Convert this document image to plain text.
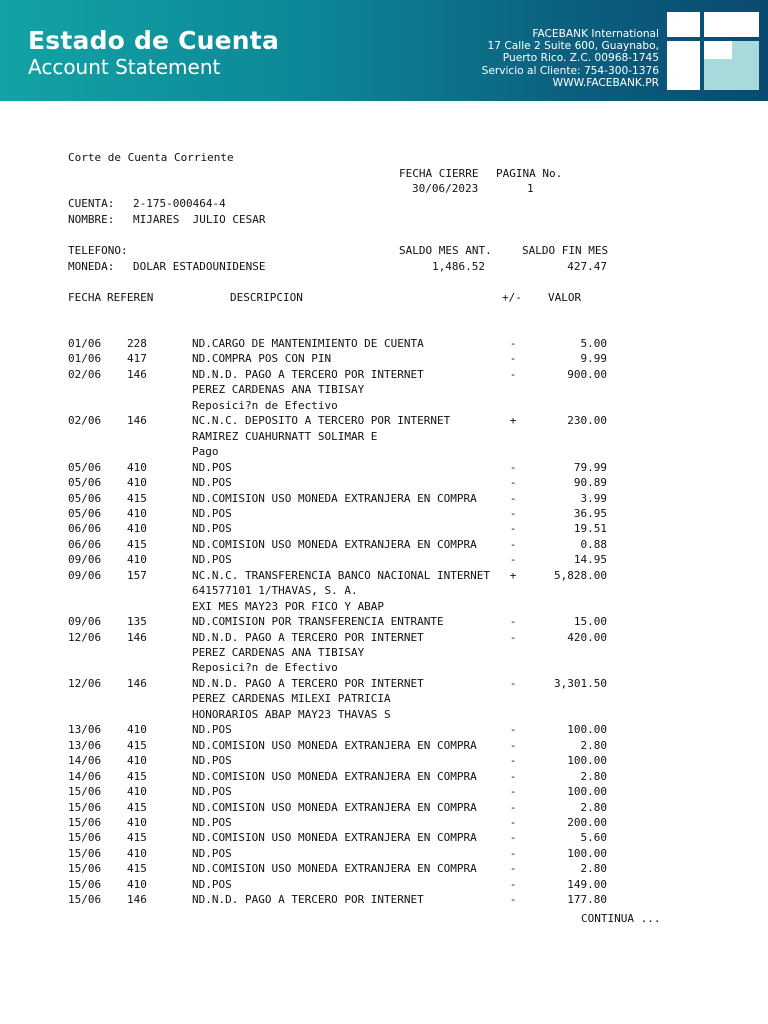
Estado de Cuenta
Account Statement
FACEBANK International
17 Calle 2 Suite 600, Guaynabo,
Puerto Rico. Z.C. 00968-1745
Servicio al Cliente: 754-300-1376
WWW.FACEBANK.PR
Corte de Cuenta Corriente
FECHA CIERRE PAGINA No.
30/06/2023	1
CUENTA: 2-175-000464-4
NOMBRE: MIJARES  JULIO CESAR
TELEFONO:	SALDO MES ANT.	SALDO FIN MES
MONEDA: DOLAR ESTADOUNIDENSE	1,486.52	427.47
FECHA REFEREN	DESCRIPCION	+/- VALOR
01/06 228	ND.CARGO DE MANTENIMIENTO DE CUENTA	-	5.00
01/06 417	ND.COMPRA POS CON PIN	-	9.99
02/06 146	ND.N.D. PAGO A TERCERO POR INTERNET	-	900.00
PEREZ CARDENAS ANA TIBISAY
Reposici?n de Efectivo
02/06 146	NC.N.C. DEPOSITO A TERCERO POR INTERNET	+	230.00
RAMIREZ CUAHURNATT SOLIMAR E
Pago
05/06 410	ND.POS	-	79.99
05/06 410	ND.POS	-	90.89
05/06 415	ND.COMISION USO MONEDA EXTRANJERA EN COMPRA	-	3.99
05/06 410	ND.POS	-	36.95
06/06 410	ND.POS	-	19.51
06/06 415	ND.COMISION USO MONEDA EXTRANJERA EN COMPRA	-	0.88
09/06 410	ND.POS	-	14.95
09/06 157	NC.N.C. TRANSFERENCIA BANCO NACIONAL INTERNET	+	5,828.00
641577101 1/THAVAS, S. A.
EXI MES MAY23 POR FICO Y ABAP
09/06 135	ND.COMISION POR TRANSFERENCIA ENTRANTE	-	15.00
12/06 146	ND.N.D. PAGO A TERCERO POR INTERNET	-	420.00
PEREZ CARDENAS ANA TIBISAY
Reposici?n de Efectivo
12/06 146	ND.N.D. PAGO A TERCERO POR INTERNET	-	3,301.50
PEREZ CARDENAS MILEXI PATRICIA
HONORARIOS ABAP MAY23 THAVAS S
13/06 410	ND.POS	-	100.00
13/06 415	ND.COMISION USO MONEDA EXTRANJERA EN COMPRA	-	2.80
14/06 410	ND.POS	-	100.00
14/06 415	ND.COMISION USO MONEDA EXTRANJERA EN COMPRA	-	2.80
15/06 410	ND.POS	-	100.00
15/06 415	ND.COMISION USO MONEDA EXTRANJERA EN COMPRA	-	2.80
15/06 410	ND.POS	-	200.00
15/06 415	ND.COMISION USO MONEDA EXTRANJERA EN COMPRA	-	5.60
15/06 410	ND.POS	-	100.00
15/06 415	ND.COMISION USO MONEDA EXTRANJERA EN COMPRA	-	2.80
15/06 410	ND.POS	-	149.00
15/06 146	ND.N.D. PAGO A TERCERO POR INTERNET	-	177.80
CONTINUA ...
